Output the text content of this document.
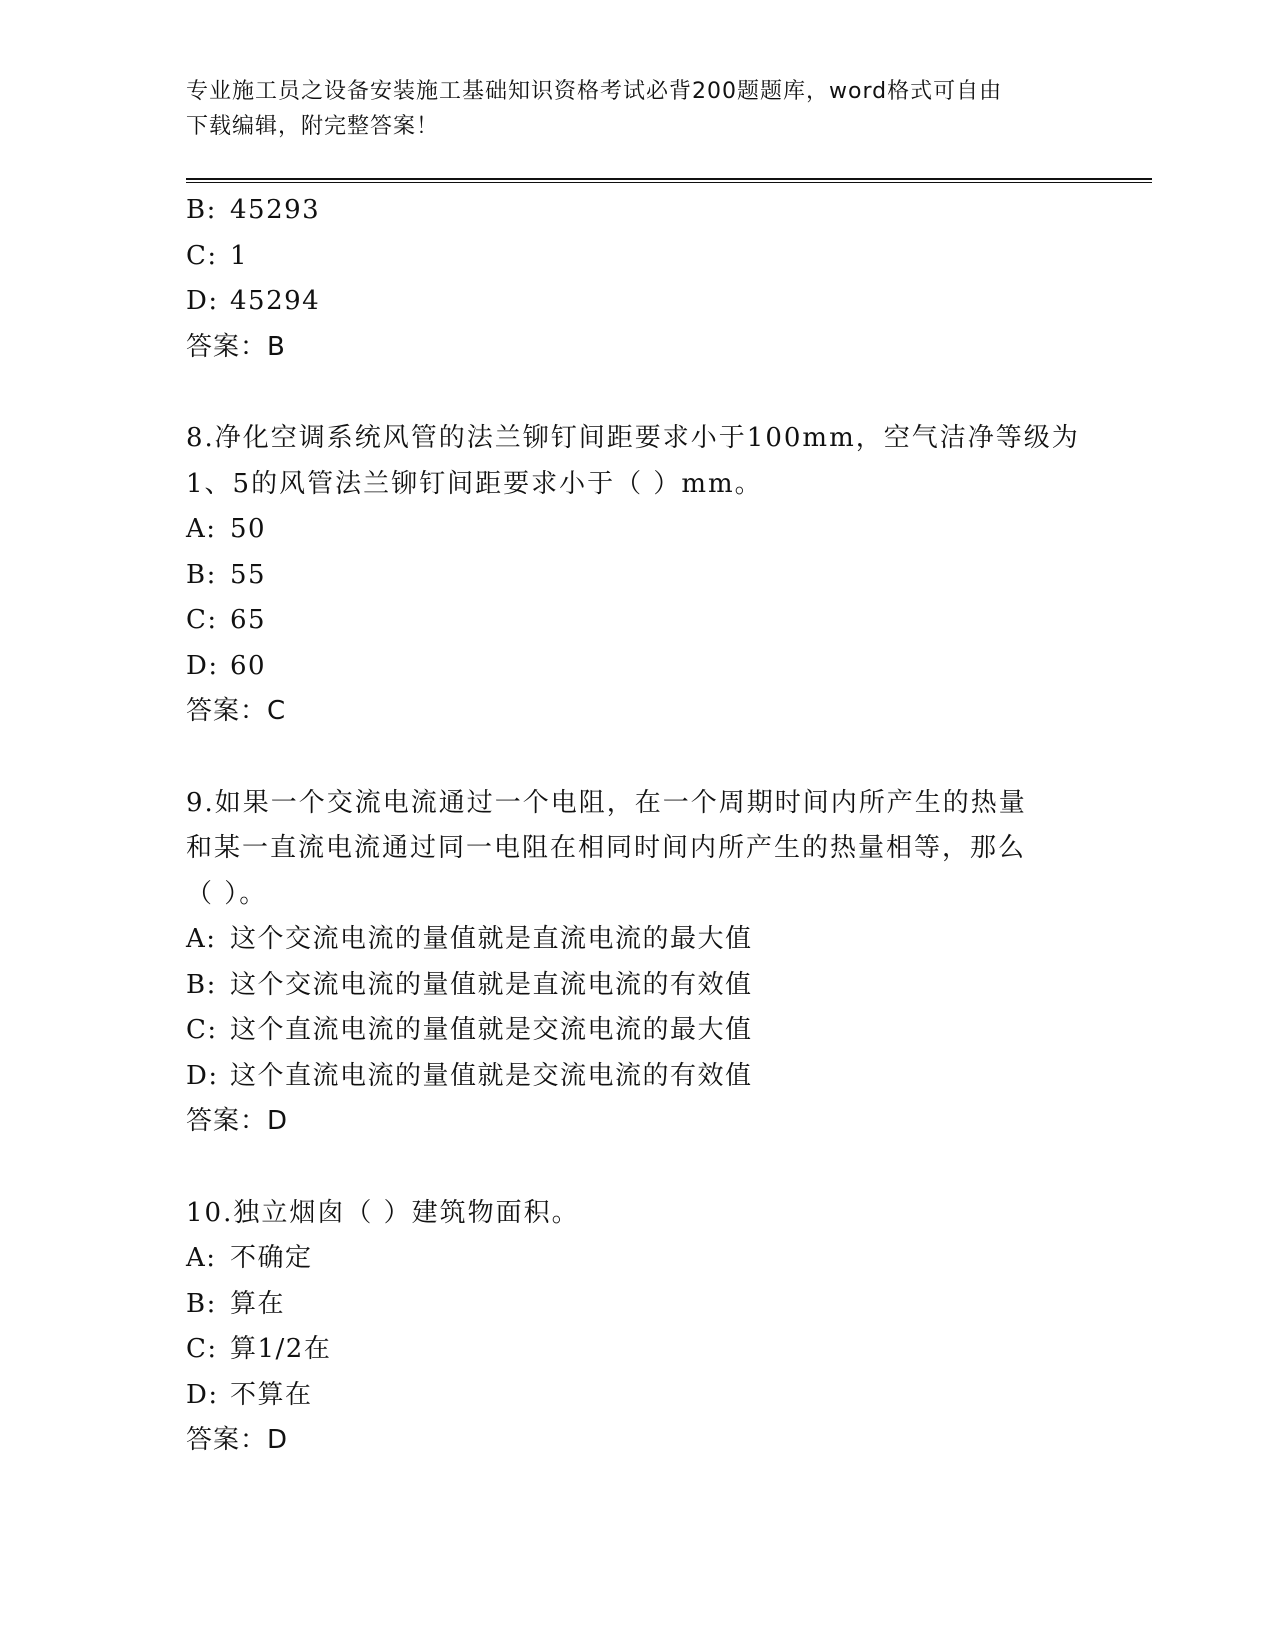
专业施工员之设备安装施工基础知识资格考试必背200题题库，word格式可自由
下载编辑，附完整答案！
B: 45293
C: 1
D: 45294
答案：B
8.净化空调系统风管的法兰铆钉间距要求小于100mm，空气洁净等级为
1、5的风管法兰铆钉间距要求小于（ ）mm。
A: 50
B: 55
C: 65
D: 60
答案：C
9.如果一个交流电流通过一个电阻，在一个周期时间内所产生的热量
和某一直流电流通过同一电阻在相同时间内所产生的热量相等，那么
（ ）。
A: 这个交流电流的量值就是直流电流的最大值
B: 这个交流电流的量值就是直流电流的有效值
C: 这个直流电流的量值就是交流电流的最大值
D: 这个直流电流的量值就是交流电流的有效值
答案：D
10.独立烟囱（ ）建筑物面积。
A: 不确定
B: 算在
C: 算1/2在
D: 不算在
答案：D
